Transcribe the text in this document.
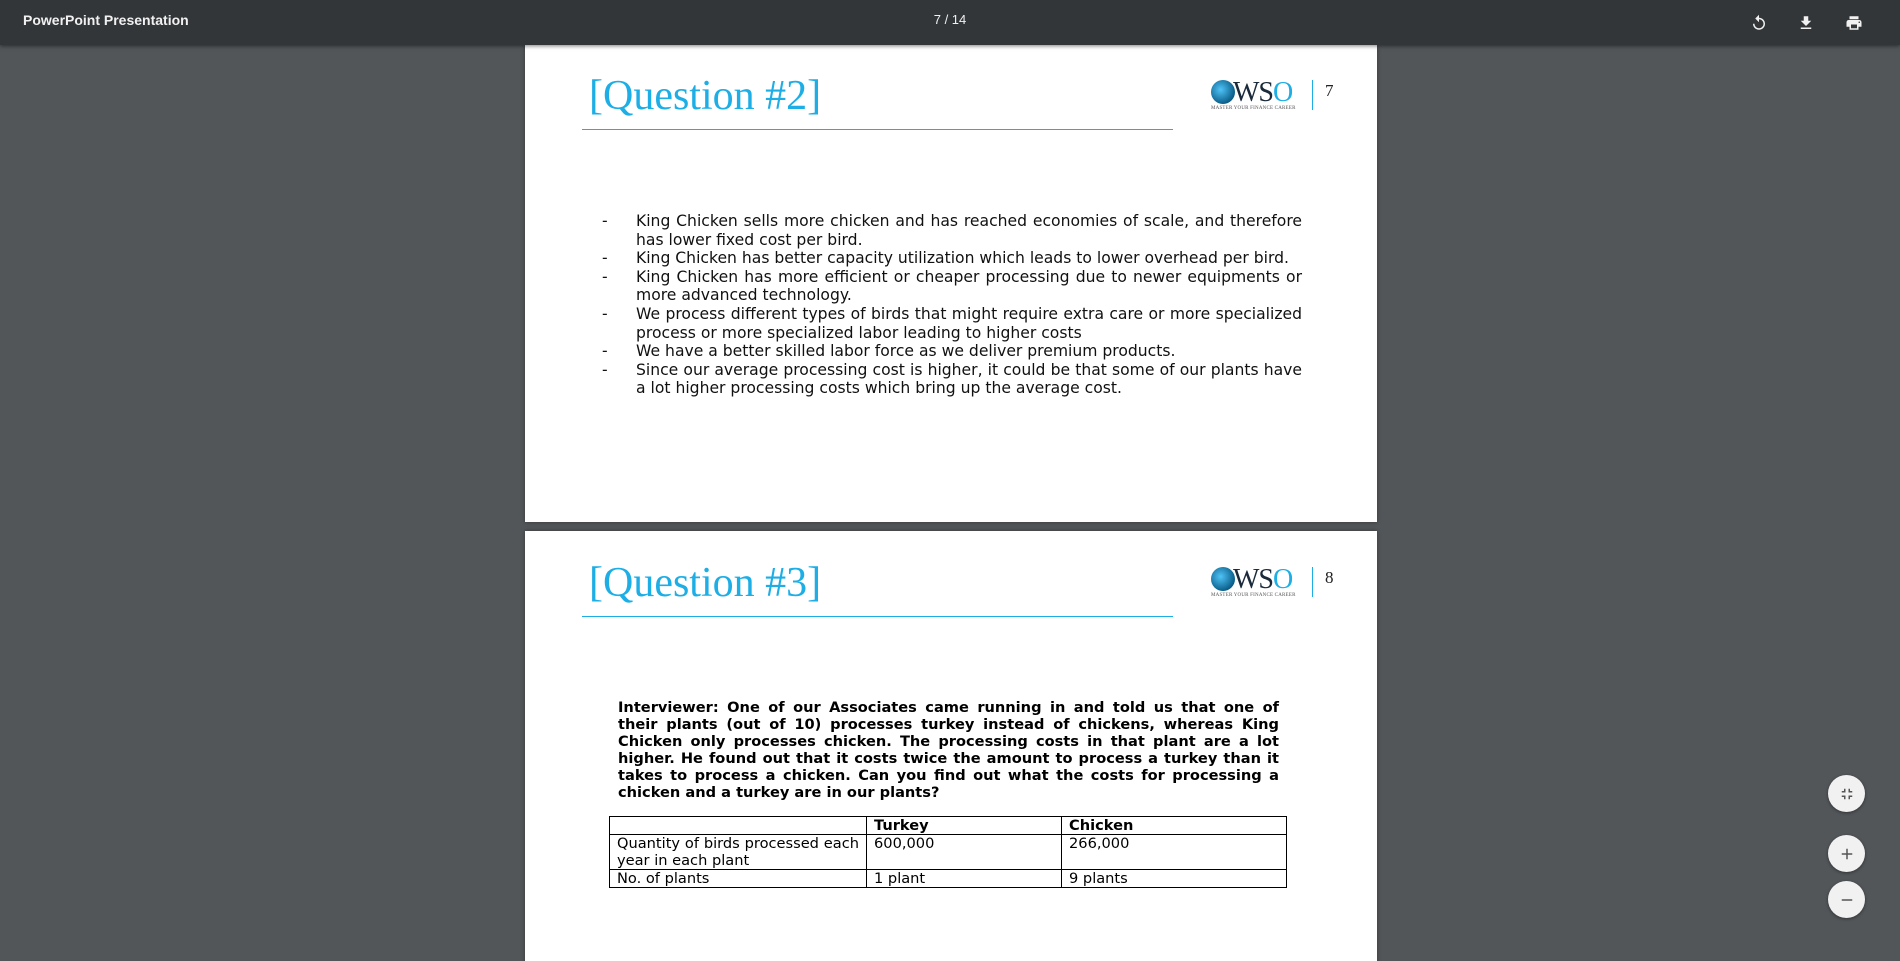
PowerPoint Presentation	7 / 14
[Question #2]	WSO
MASTER YOUR FINANCE CAREER
7
- King Chicken sells more chicken and has reached economies of scale, and therefore has lower fixed cost per bird.
- King Chicken has better capacity utilization which leads to lower overhead per bird.
- King Chicken has more efficient or cheaper processing due to newer equipments or more advanced technology.
- We process different types of birds that might require extra care or more specialized process or more specialized labor leading to higher costs
- We have a better skilled labor force as we deliver premium products.
- Since our average processing cost is higher, it could be that some of our plants have a lot higher processing costs which bring up the average cost.
[Question #3]	WSO
MASTER YOUR FINANCE CAREER
8
Interviewer: One of our Associates came running in and told us that one of their plants (out of 10) processes turkey instead of chickens, whereas King Chicken only processes chicken. The processing costs in that plant are a lot higher. He found out that it costs twice the amount to process a turkey than it takes to process a chicken. Can you find out what the costs for processing a chicken and a turkey are in our plants?
	Turkey	Chicken
Quantity of birds processed each year in each plant	600,000	266,000
No. of plants	1 plant	9 plants
